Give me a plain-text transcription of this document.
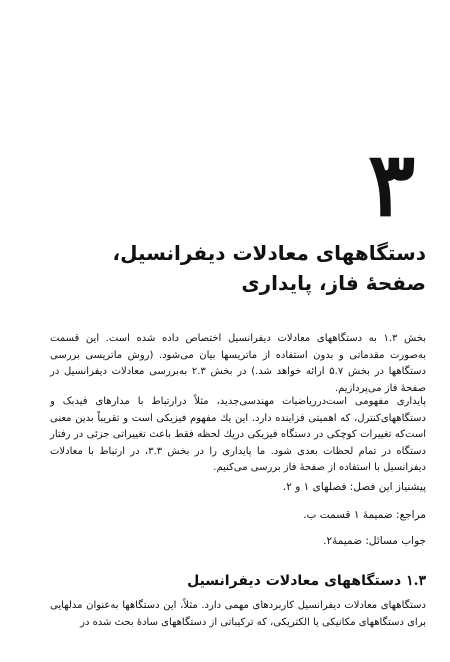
۳
دستگاههای معادلات دیفرانسیل،
صفحۀ فاز، پایداری
بخش ۱.۳ به دستگاههای معادلات دیفرانسیل اختصاص داده شده است. این قسمت به‌صورت مقدماتی و بدون استفاده از ماتریسها بیان می‌شود. (روش ماتریسی بررسی دستگاهها در بخش ۵.۷ ارائه خواهد شد.) در بخش ۲.۳ به‌بررسی معادلات دیفرانسیل در صفحۀ فاز می‌پردازیم.
پایداری مفهومی است‌در‌ریاضیات مهندسی‌جدید، مثلاً درارتباط با مدارهای فیدبک و دستگاههای‌کنترل، که اهمیتی فزاینده دارد. این یك مفهوم فیزیکی است و تقریباً بدین معنی است‌که تغییرات کوچکی در دستگاه فیزیکی دریك لحظه فقط باعث تغییراتی جزئی در رفتار دستگاه در تمام لحظات بعدی شود. ما پایداری را در بخش ۳.۳، در ارتباط با معادلات دیفرانسیل با استفاده از صفحۀ فاز بررسی می‌کنیم.
پیشنیاز این فصل: فصلهای ۱ و ۲.
مراجع: ضمیمۀ ۱ قسمت ب.
جواب مسائل: ضمیمۀ۲.
۱.۳ دستگاههای معادلات دیفرانسیل
دستگاههای معادلات دیفرانسیل کاربردهای مهمی دارد. مثلاً، این دستگاهها به‌عنوان مدلهایی برای دستگاههای مکانیکی یا الکتریکی، که ترکیباتی از دستگاههای سادۀ بحث شده در
